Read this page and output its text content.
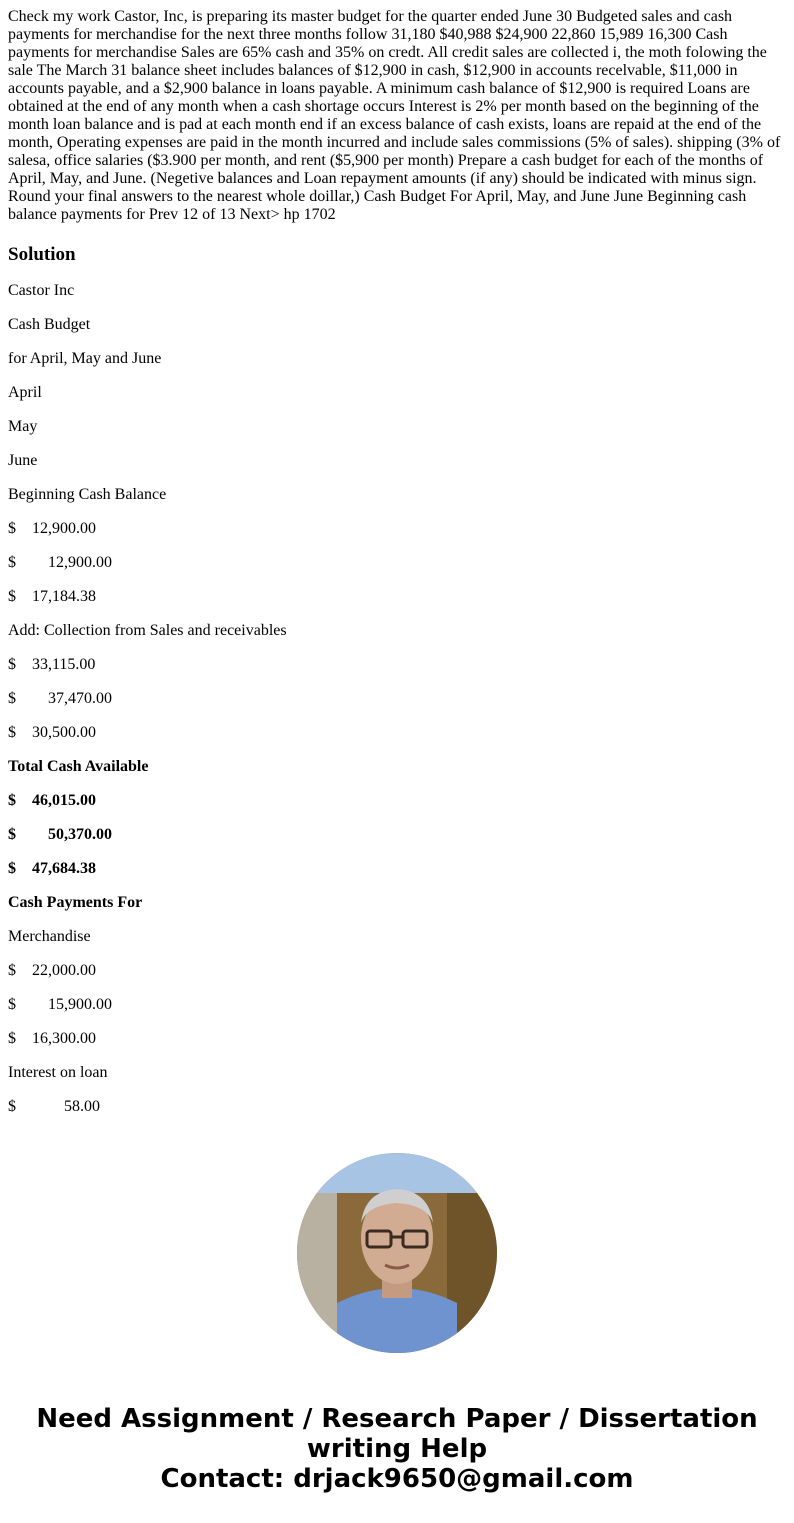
Check my work Castor, Inc, is preparing its master budget for the quarter ended June 30 Budgeted sales and cash payments for merchandise for the next three months follow 31,180 $40,988 $24,900 22,860 15,989 16,300 Cash payments for merchandise Sales are 65% cash and 35% on credt. All credit sales are collected i, the moth folowing the sale The March 31 balance sheet includes balances of $12,900 in cash, $12,900 in accounts recelvable, $11,000 in accounts payable, and a $2,900 balance in loans payable. A minimum cash balance of $12,900 is required Loans are obtained at the end of any month when a cash shortage occurs Interest is 2% per month based on the beginning of the month loan balance and is pad at each month end if an excess balance of cash exists, loans are repaid at the end of the month, Operating expenses are paid in the month incurred and include sales commissions (5% of sales). shipping (3% of salesa, office salaries ($3.900 per month, and rent ($5,900 per month) Prepare a cash budget for each of the months of April, May, and June. (Negetive balances and Loan repayment amounts (if any) should be indicated with minus sign. Round your final answers to the nearest whole doillar,) Cash Budget For April, May, and June June Beginning cash balance payments for Prev 12 of 13 Next> hp 1702

Solution

Castor Inc

Cash Budget

for April, May and June

April

May

June

Beginning Cash Balance

$    12,900.00

$        12,900.00

$    17,184.38

Add: Collection from Sales and receivables

$    33,115.00

$        37,470.00

$    30,500.00

Total Cash Available

$    46,015.00

$        50,370.00

$    47,684.38

Cash Payments For

Merchandise

$    22,000.00

$        15,900.00

$    16,300.00

Interest on loan

$            58.00

Need Assignment / Research Paper / Dissertation
writing Help
Contact: drjack9650@gmail.com
